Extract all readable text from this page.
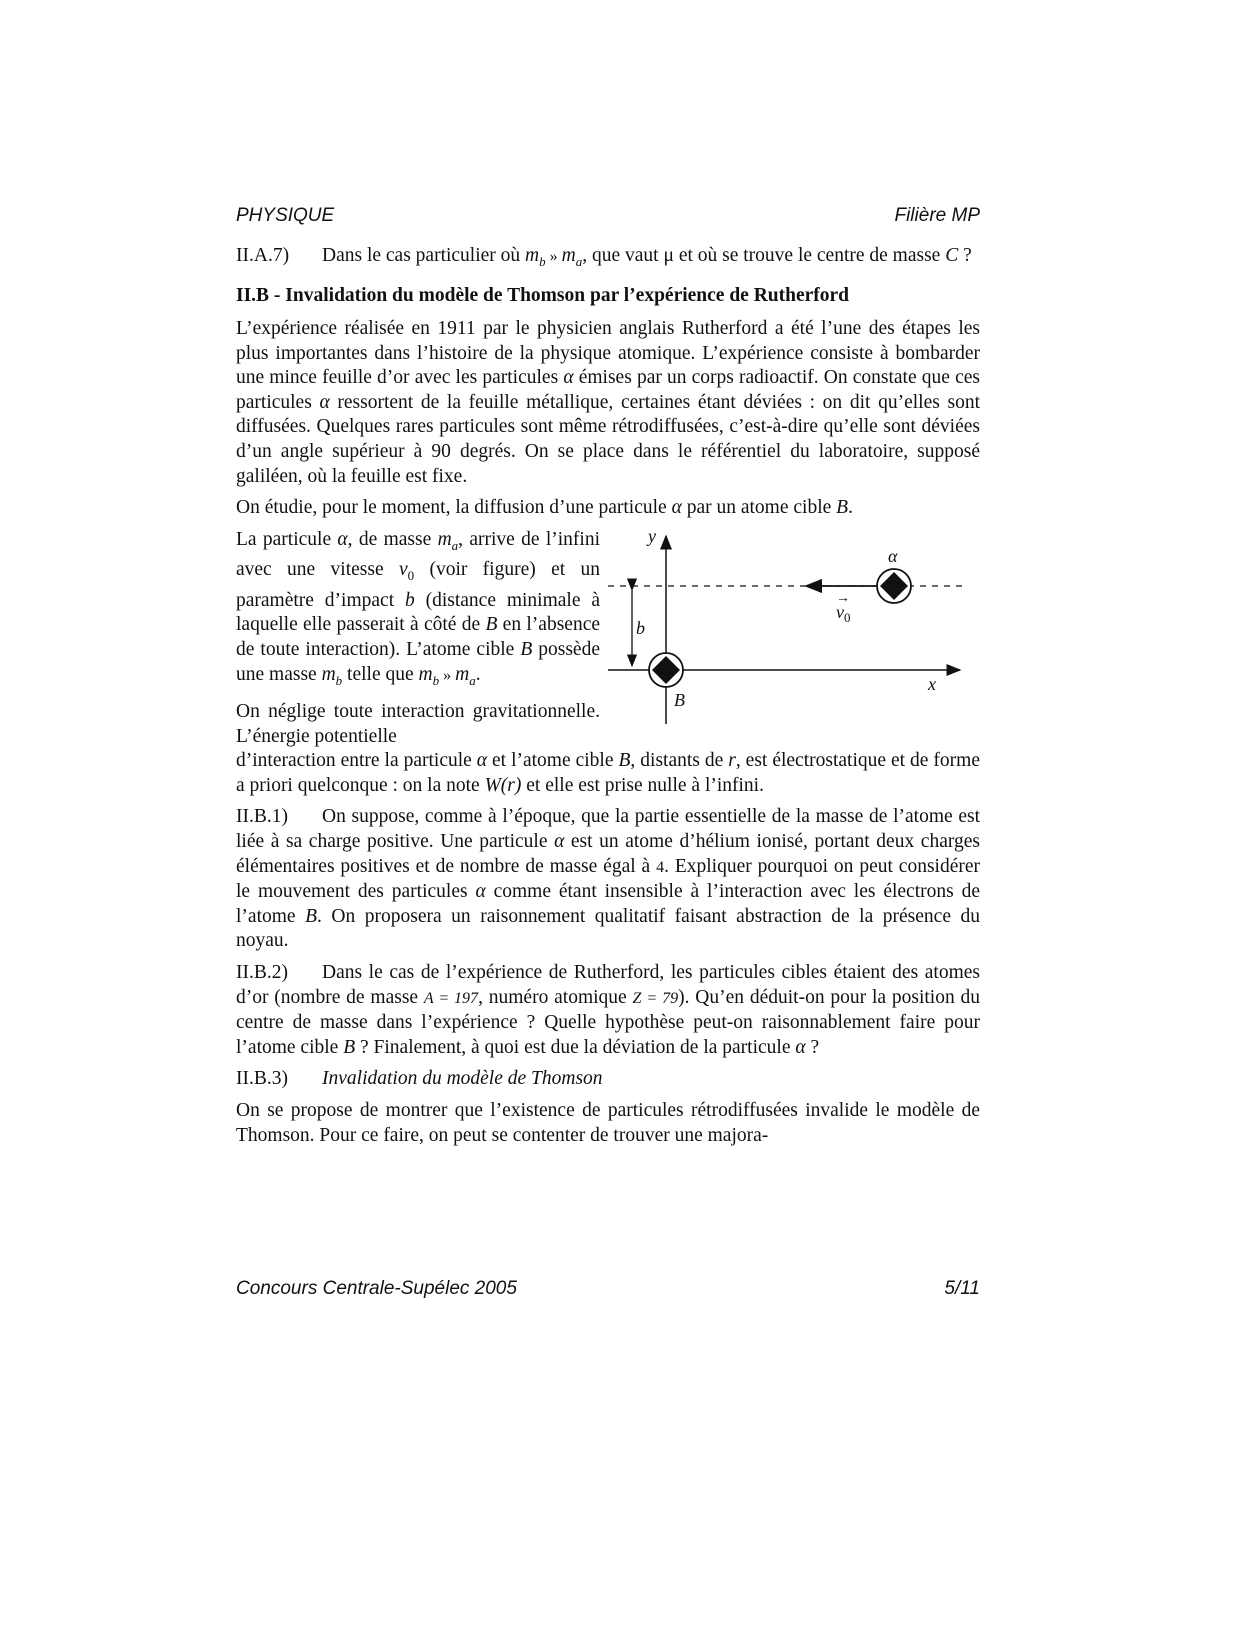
PHYSIQUE	Filière MP

II.A.7) Dans le cas particulier où $m_b$ » $m_a$, que vaut μ et où se trouve le centre de masse C ?

II.B - Invalidation du modèle de Thomson par l’expérience de Rutherford

L’expérience réalisée en 1911 par le physicien anglais Rutherford a été l’une des étapes les plus importantes dans l’histoire de la physique atomique. L’expérience consiste à bombarder une mince feuille d’or avec les particules α émises par un corps radioactif. On constate que ces particules α ressortent de la feuille métallique, certaines étant déviées : on dit qu’elles sont diffusées. Quelques rares particules sont même rétrodiffusées, c’est-à-dire qu’elle sont déviées d’un angle supérieur à 90 degrés. On se place dans le référentiel du laboratoire, supposé galiléen, où la feuille est fixe.

On étudie, pour le moment, la diffusion d’une particule α par un atome cible B.

La particule α, de masse $m_a$, arrive de l’infini avec une vitesse $v_0$ (voir figure) et un paramètre d’impact b (distance minimale à laquelle elle passerait à côté de B en l’absence de toute interaction). L’atome cible B possède une masse $m_b$ telle que $m_b$ » $m_a$.

On néglige toute interaction gravitationnelle. L’énergie potentielle

y
x
α
$v_0$
→
b
B

d’interaction entre la particule α et l’atome cible B, distants de r, est électrostatique et de forme a priori quelconque : on la note W(r) et elle est prise nulle à l’infini.

II.B.1) On suppose, comme à l’époque, que la partie essentielle de la masse de l’atome est liée à sa charge positive. Une particule α est un atome d’hélium ionisé, portant deux charges élémentaires positives et de nombre de masse égal à 4. Expliquer pourquoi on peut considérer le mouvement des particules α comme étant insensible à l’interaction avec les électrons de l’atome B. On proposera un raisonnement qualitatif faisant abstraction de la présence du noyau.

II.B.2) Dans le cas de l’expérience de Rutherford, les particules cibles étaient des atomes d’or (nombre de masse A = 197, numéro atomique Z = 79). Qu’en déduit-on pour la position du centre de masse dans l’expérience ? Quelle hypothèse peut-on raisonnablement faire pour l’atome cible B ? Finalement, à quoi est due la déviation de la particule α ?

II.B.3) Invalidation du modèle de Thomson

On se propose de montrer que l’existence de particules rétrodiffusées invalide le modèle de Thomson. Pour ce faire, on peut se contenter de trouver une majora-

Concours Centrale-Supélec 2005	5/11
